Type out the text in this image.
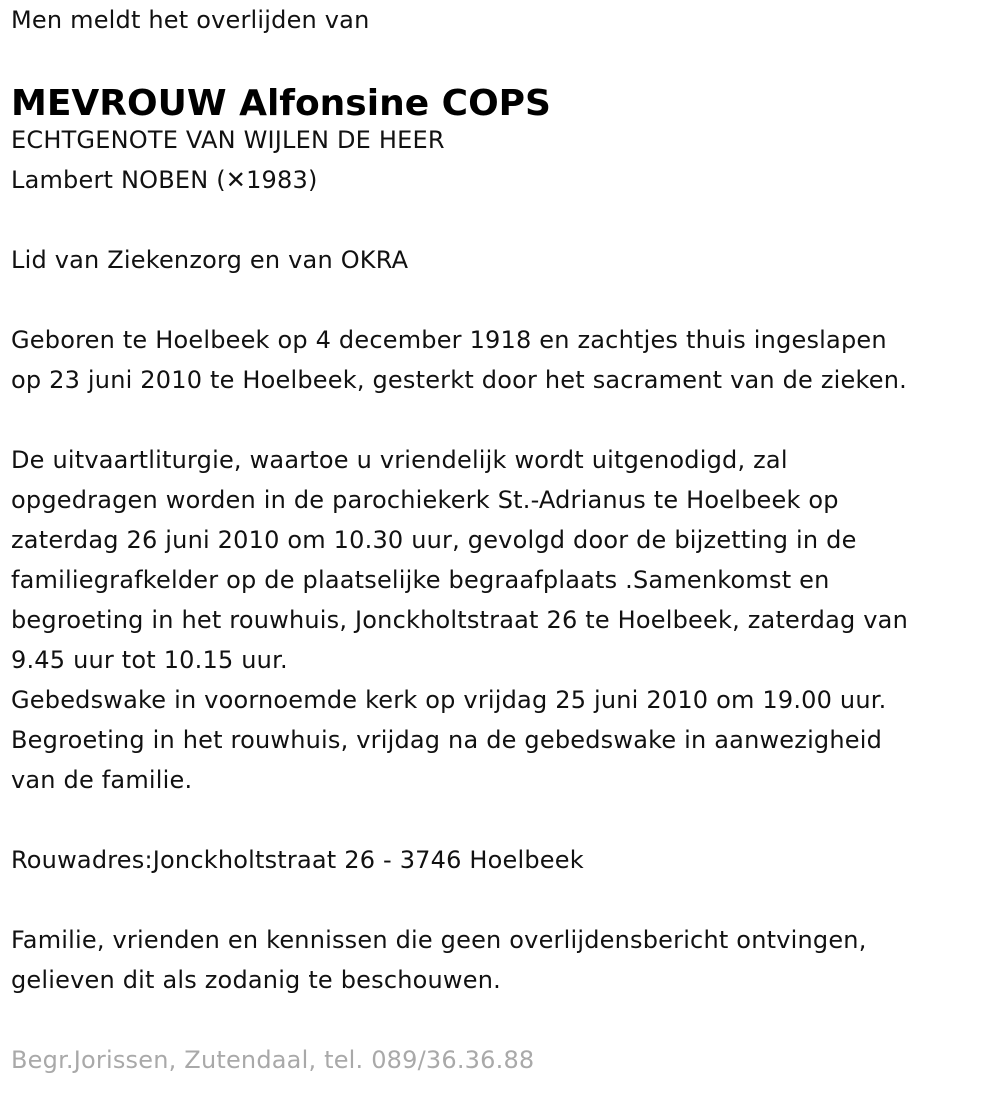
Men meldt het overlijden van
MEVROUW Alfonsine COPS
ECHTGENOTE VAN WIJLEN DE HEER
Lambert NOBEN (✕1983)
Lid van Ziekenzorg en van OKRA
Geboren te Hoelbeek op 4 december 1918 en zachtjes thuis ingeslapen
op 23 juni 2010 te Hoelbeek, gesterkt door het sacrament van de zieken.
De uitvaartliturgie, waartoe u vriendelijk wordt uitgenodigd, zal
opgedragen worden in de parochiekerk St.-Adrianus te Hoelbeek op
zaterdag 26 juni 2010 om 10.30 uur, gevolgd door de bijzetting in de
familiegrafkelder op de plaatselijke begraafplaats .Samenkomst en
begroeting in het rouwhuis, Jonckholtstraat 26 te Hoelbeek, zaterdag van
9.45 uur tot 10.15 uur.
Gebedswake in voornoemde kerk op vrijdag 25 juni 2010 om 19.00 uur.
Begroeting in het rouwhuis, vrijdag na de gebedswake in aanwezigheid
van de familie.
Rouwadres:Jonckholtstraat 26 - 3746 Hoelbeek
Familie, vrienden en kennissen die geen overlijdensbericht ontvingen,
gelieven dit als zodanig te beschouwen.
Begr.Jorissen, Zutendaal, tel. 089/36.36.88
